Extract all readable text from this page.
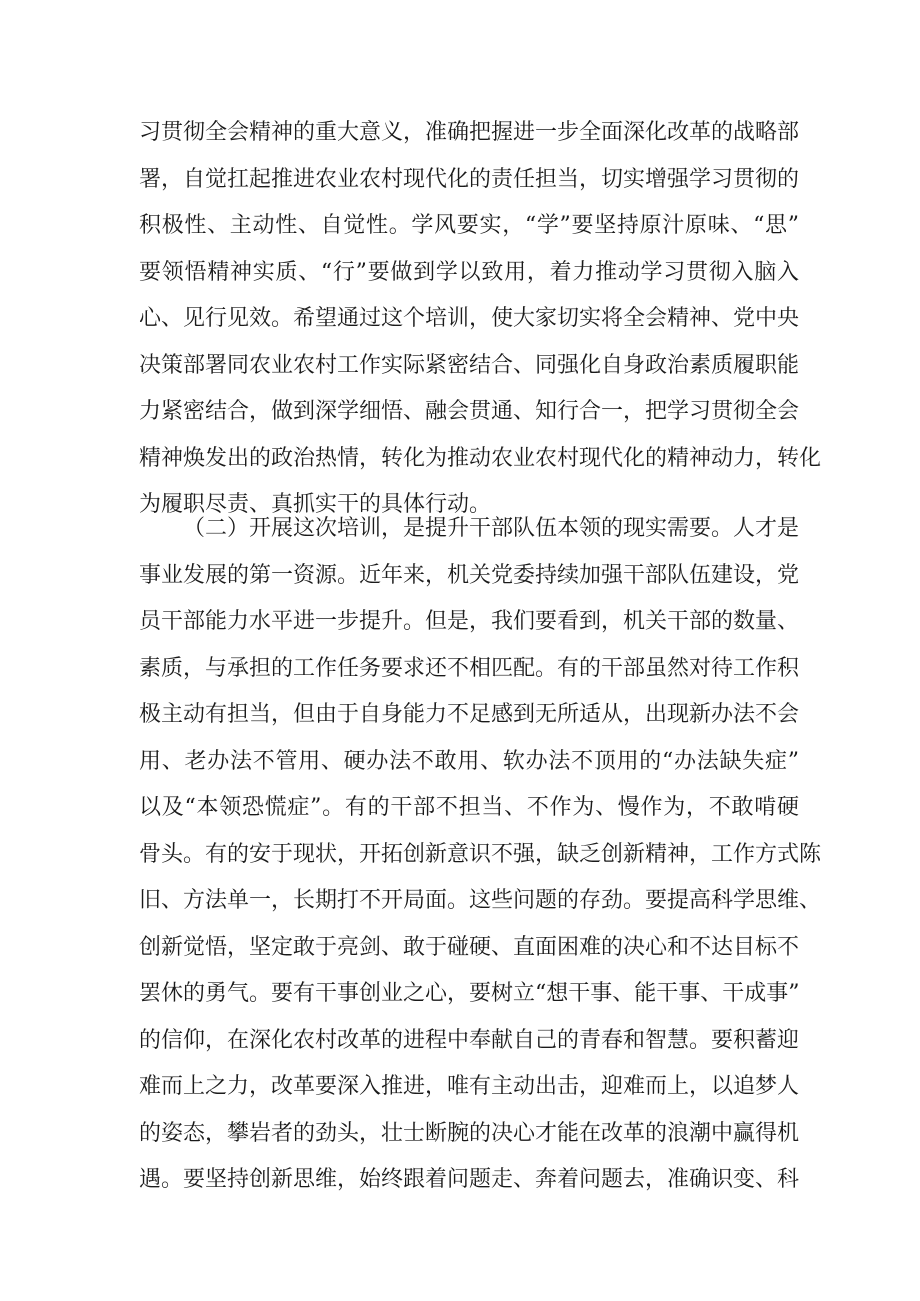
习贯彻全会精神的重大意义，准确把握进一步全面深化改革的战略部
署，自觉扛起推进农业农村现代化的责任担当，切实增强学习贯彻的
积极性、主动性、自觉性。学风要实，“学”要坚持原汁原味、“思”
要领悟精神实质、“行”要做到学以致用，着力推动学习贯彻入脑入
心、见行见效。希望通过这个培训，使大家切实将全会精神、党中央
决策部署同农业农村工作实际紧密结合、同强化自身政治素质履职能
力紧密结合，做到深学细悟、融会贯通、知行合一，把学习贯彻全会
精神焕发出的政治热情，转化为推动农业农村现代化的精神动力，转化
为履职尽责、真抓实干的具体行动。
（二）开展这次培训，是提升干部队伍本领的现实需要。人才是
事业发展的第一资源。近年来，机关党委持续加强干部队伍建设，党
员干部能力水平进一步提升。但是，我们要看到，机关干部的数量、
素质，与承担的工作任务要求还不相匹配。有的干部虽然对待工作积
极主动有担当，但由于自身能力不足感到无所适从，出现新办法不会
用、老办法不管用、硬办法不敢用、软办法不顶用的“办法缺失症”
以及“本领恐慌症”。有的干部不担当、不作为、慢作为，不敢啃硬
骨头。有的安于现状，开拓创新意识不强，缺乏创新精神，工作方式陈
旧、方法单一，长期打不开局面。这些问题的存劲。要提高科学思维、
创新觉悟，坚定敢于亮剑、敢于碰硬、直面困难的决心和不达目标不
罢休的勇气。要有干事创业之心，要树立“想干事、能干事、干成事”
的信仰，在深化农村改革的进程中奉献自己的青春和智慧。要积蓄迎
难而上之力，改革要深入推进，唯有主动出击，迎难而上，以追梦人
的姿态，攀岩者的劲头，壮士断腕的决心才能在改革的浪潮中赢得机
遇。要坚持创新思维，始终跟着问题走、奔着问题去，准确识变、科
